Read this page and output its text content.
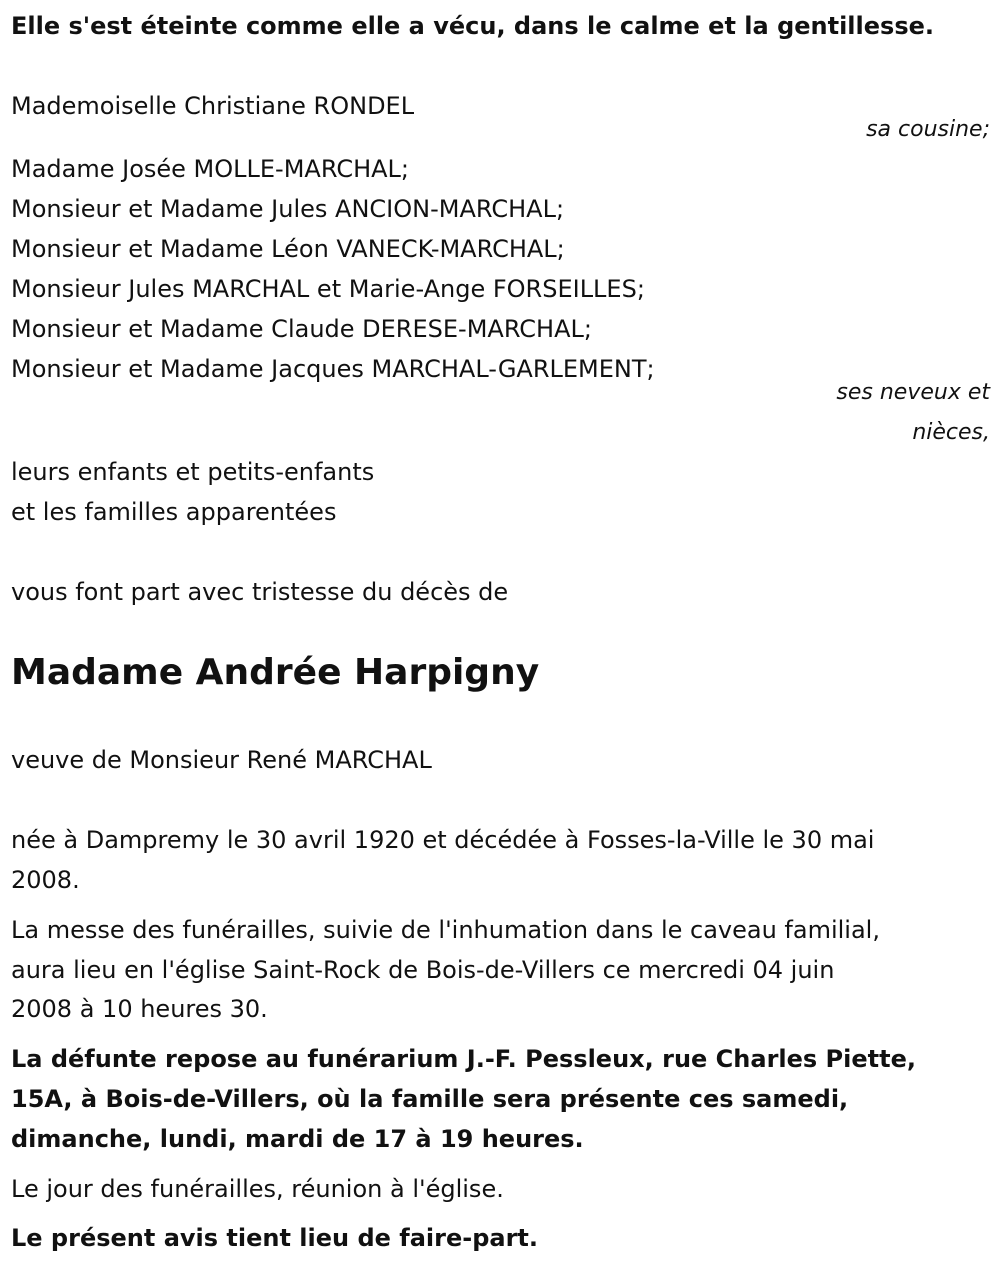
Elle s'est éteinte comme elle a vécu, dans le calme et la gentillesse.
Mademoiselle Christiane RONDEL
sa cousine;
Madame Josée MOLLE-MARCHAL;
Monsieur et Madame Jules ANCION-MARCHAL;
Monsieur et Madame Léon VANECK-MARCHAL;
Monsieur Jules MARCHAL et Marie-Ange FORSEILLES;
Monsieur et Madame Claude DERESE-MARCHAL;
Monsieur et Madame Jacques MARCHAL-GARLEMENT;
ses neveux et
nièces,
leurs enfants et petits-enfants
et les familles apparentées
vous font part avec tristesse du décès de
Madame Andrée Harpigny
veuve de Monsieur René MARCHAL
née à Dampremy le 30 avril 1920 et décédée à Fosses-la-Ville le 30 mai
2008.
La messe des funérailles, suivie de l'inhumation dans le caveau familial,
aura lieu en l'église Saint-Rock de Bois-de-Villers ce mercredi 04 juin
2008 à 10 heures 30.
La défunte repose au funérarium J.-F. Pessleux, rue Charles Piette,
15A, à Bois-de-Villers, où la famille sera présente ces samedi,
dimanche, lundi, mardi de 17 à 19 heures.
Le jour des funérailles, réunion à l'église.
Le présent avis tient lieu de faire-part.
